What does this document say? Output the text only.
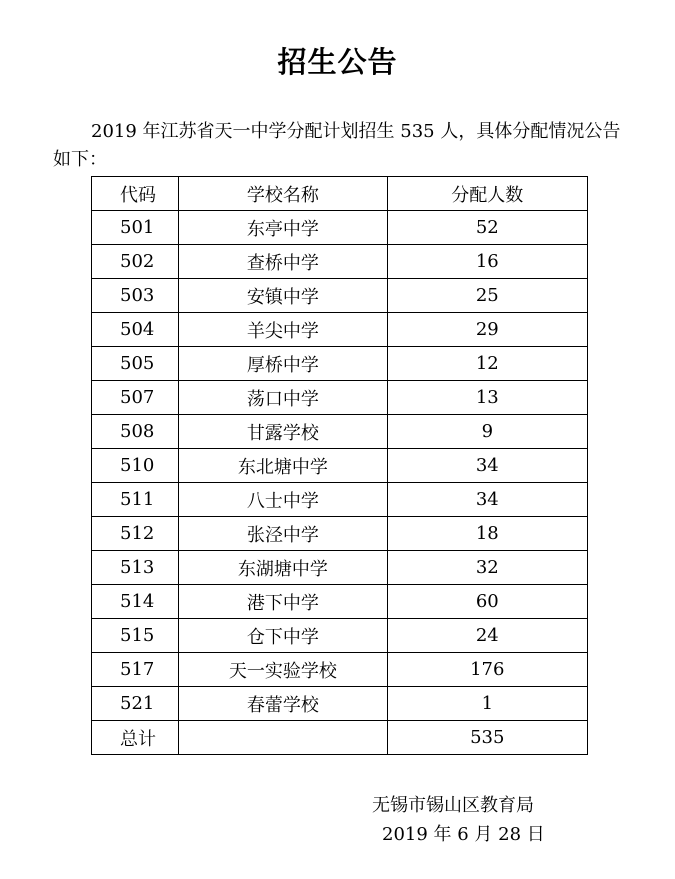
招生公告
2019 年江苏省天一中学分配计划招生 535 人，具体分配情况公告如下：
代码	学校名称	分配人数
501	东亭中学	52
502	查桥中学	16
503	安镇中学	25
504	羊尖中学	29
505	厚桥中学	12
507	荡口中学	13
508	甘露学校	9
510	东北塘中学	34
511	八士中学	34
512	张泾中学	18
513	东湖塘中学	32
514	港下中学	60
515	仓下中学	24
517	天一实验学校	176
521	春蕾学校	1
总计		535
无锡市锡山区教育局
2019 年 6 月 28 日
